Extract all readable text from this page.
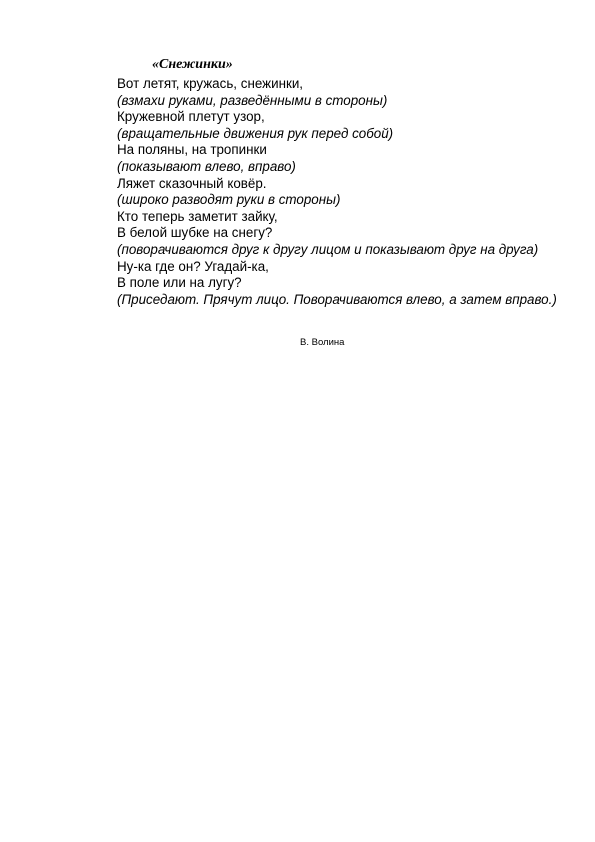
«Снежинки»
Вот летят, кружась, снежинки,
(взмахи руками, разведёнными в стороны)
Кружевной плетут узор,
(вращательные движения рук перед собой)
На поляны, на тропинки
(показывают влево, вправо)
Ляжет сказочный ковёр.
(широко разводят руки в стороны)
Кто теперь заметит зайку,
В белой шубке на снегу?
(поворачиваются друг к другу лицом и показывают друг на друга)
Ну-ка где он? Угадай-ка,
В поле или на лугу?
(Приседают. Прячут лицо. Поворачиваются влево, а затем вправо.)
В. Волина
